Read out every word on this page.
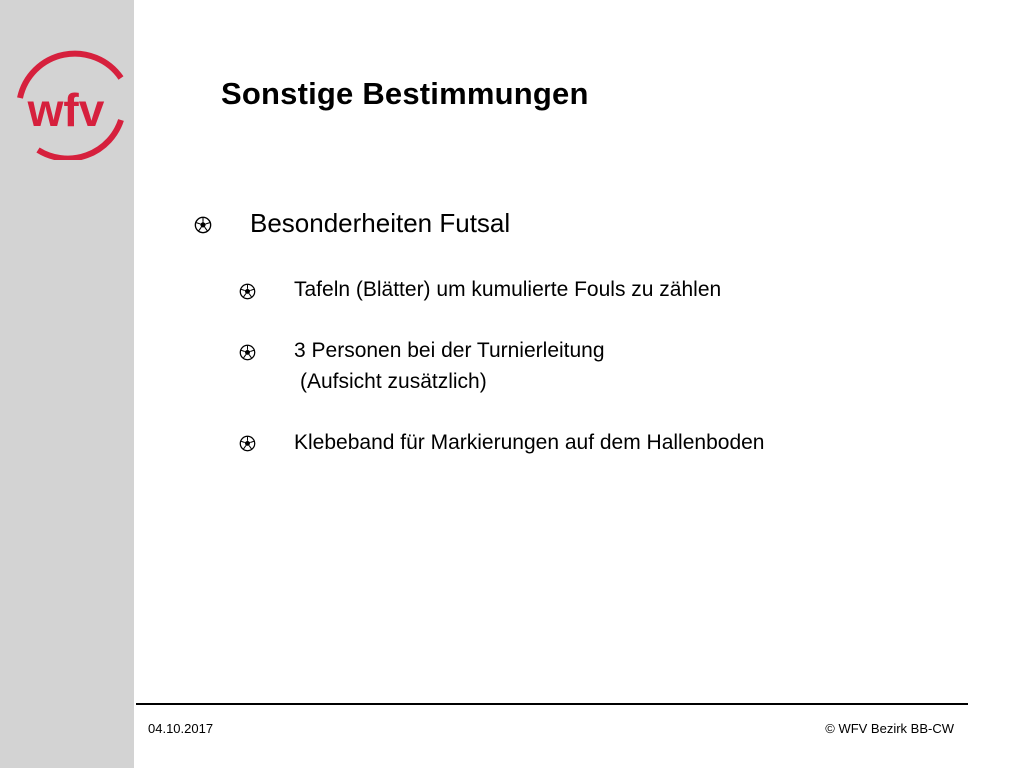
wfv	Sonstige Bestimmungen
Besonderheiten Futsal
Tafeln (Blätter) um kumulierte Fouls zu zählen
3 Personen bei der Turnierleitung
(Aufsicht zusätzlich)
Klebeband für Markierungen auf dem Hallenboden
04.10.2017	© WFV Bezirk BB-CW
